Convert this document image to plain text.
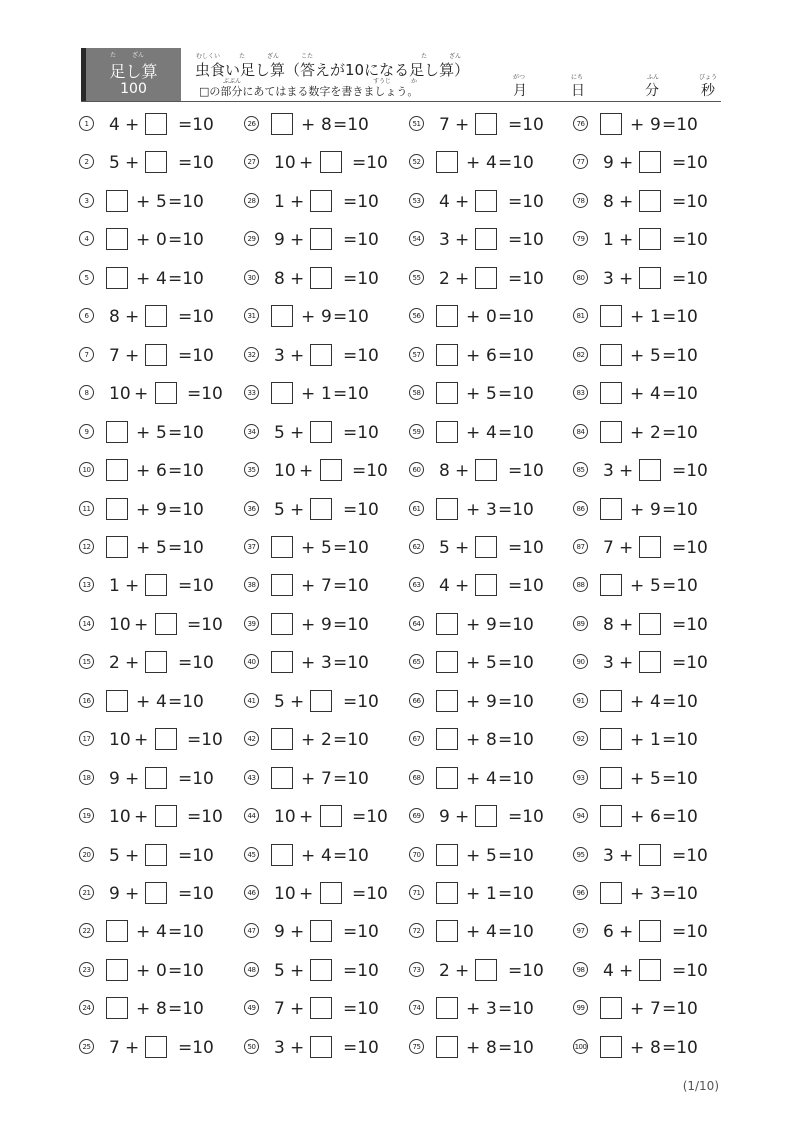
た	ざん
足し算
100
むしくい	た	ざん	こた	た	ざん
虫食い足し算（答えが10になる足し算）
ぶぶん	すうじ	か
□の部分にあてはまる数字を書きましょう。
がつ	にち	ふん	びょう
月	日	分	秒
1	4 + =10
2	5 + =10
3	+ 5 =10
4	+ 0 =10
5	+ 4 =10
6	8 + =10
7	7 + =10
8	10 + =10
9	+ 5 =10
10	+ 6 =10
11	+ 9 =10
12	+ 5 =10
13 1 + =10
14 10 + =10
15 2 + =10
16	+ 4 =10
17 10 + =10
18 9 + =10
19 10 + =10
20 5 + =10
21 9 + =10
22	+ 4 =10
23	+ 0 =10
24	+ 8 =10
25 7 + =10
26	+ 8 =10
27 10 + =10
28 1 + =10
29 9 + =10
30 8 + =10
31	+ 9 =10
32 3 + =10
33	+ 1 =10
34 5 + =10
35 10 + =10
36 5 + =10
37	+ 5 =10
38	+ 7 =10
39	+ 9 =10
40	+ 3 =10
41 5 + =10
42	+ 2 =10
43	+ 7 =10
44 10 + =10
45	+ 4 =10
46 10 + =10
47 9 + =10
48 5 + =10
49 7 + =10
50 3 + =10
51 7 + =10
52	+ 4 =10
53 4 + =10
54 3 + =10
55 2 + =10
56	+ 0 =10
57	+ 6 =10
58	+ 5 =10
59	+ 4 =10
60 8 + =10
61	+ 3 =10
62 5 + =10
63 4 + =10
64	+ 9 =10
65	+ 5 =10
66	+ 9 =10
67	+ 8 =10
68	+ 4 =10
69 9 + =10
70	+ 5 =10
71	+ 1 =10
72	+ 4 =10
73 2 + =10
74	+ 3 =10
75	+ 8 =10
76	+ 9 =10
77 9 + =10
78 8 + =10
79 1 + =10
80 3 + =10
81	+ 1 =10
82	+ 5 =10
83	+ 4 =10
84	+ 2 =10
85 3 + =10
86	+ 9 =10
87 7 + =10
88	+ 5 =10
89 8 + =10
90 3 + =10
91	+ 4 =10
92	+ 1 =10
93	+ 5 =10
94	+ 6 =10
95 3 + =10
96	+ 3 =10
97 6 + =10
98 4 + =10
99	+ 7 =10
100	+ 8 =10
(1/10)
